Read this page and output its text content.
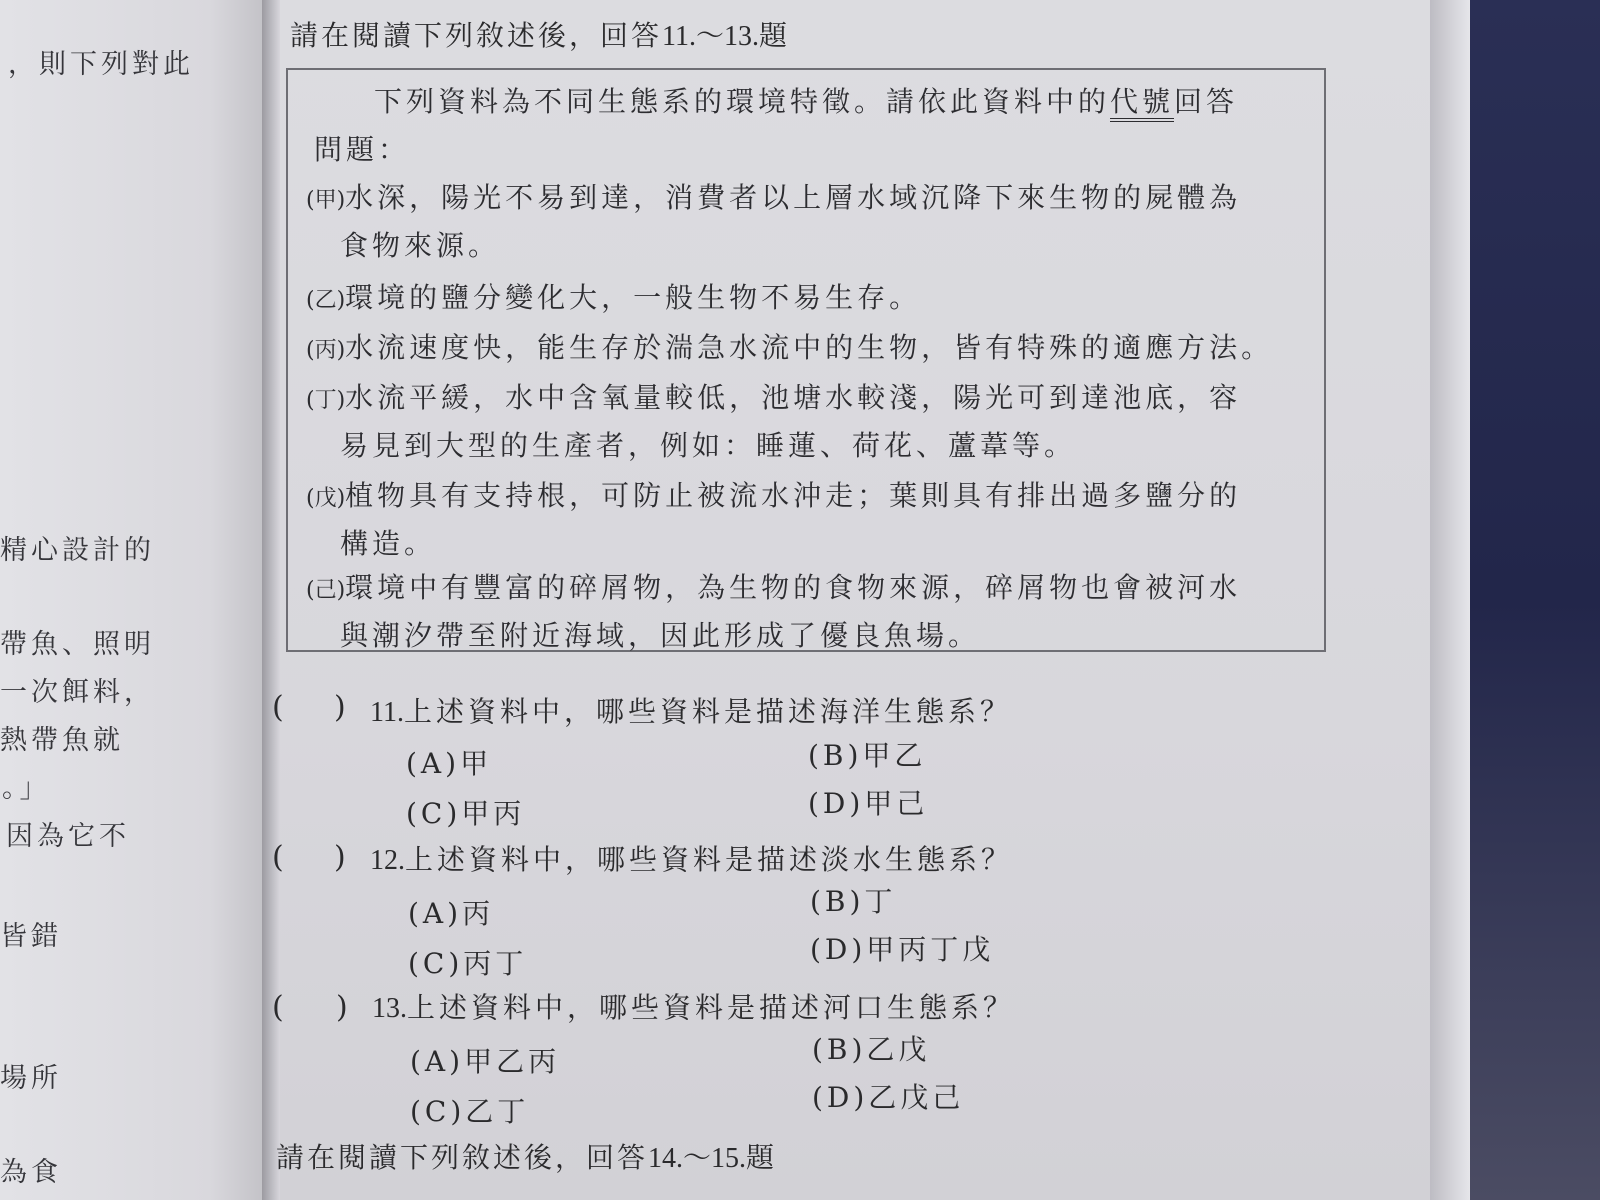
，則下列對此
精心設計的
帶魚、照明
一次餌料，
熱帶魚就
。」
因為它不
皆錯
場所
為食
請在閱讀下列敘述後，回答11.～13.題
下列資料為不同生態系的環境特徵。請依此資料中的代號回答
問題：
(甲)水深，陽光不易到達，消費者以上層水域沉降下來生物的屍體為
食物來源。
(乙)環境的鹽分變化大，一般生物不易生存。
(丙)水流速度快，能生存於湍急水流中的生物，皆有特殊的適應方法。
(丁)水流平緩，水中含氧量較低，池塘水較淺，陽光可到達池底，容
易見到大型的生產者，例如：睡蓮、荷花、蘆葦等。
(戊)植物具有支持根，可防止被流水沖走；葉則具有排出過多鹽分的
構造。
(己)環境中有豐富的碎屑物，為生物的食物來源，碎屑物也會被河水
與潮汐帶至附近海域，因此形成了優良魚場。
( ) 11.上述資料中，哪些資料是描述海洋生態系？
(A)甲	(B)甲乙
(C)甲丙	(D)甲己
( ) 12.上述資料中，哪些資料是描述淡水生態系？
(A)丙	(B)丁
(C)丙丁	(D)甲丙丁戊
( ) 13.上述資料中，哪些資料是描述河口生態系？
(A)甲乙丙	(B)乙戊
(C)乙丁	(D)乙戊己
請在閱讀下列敘述後，回答14.～15.題
